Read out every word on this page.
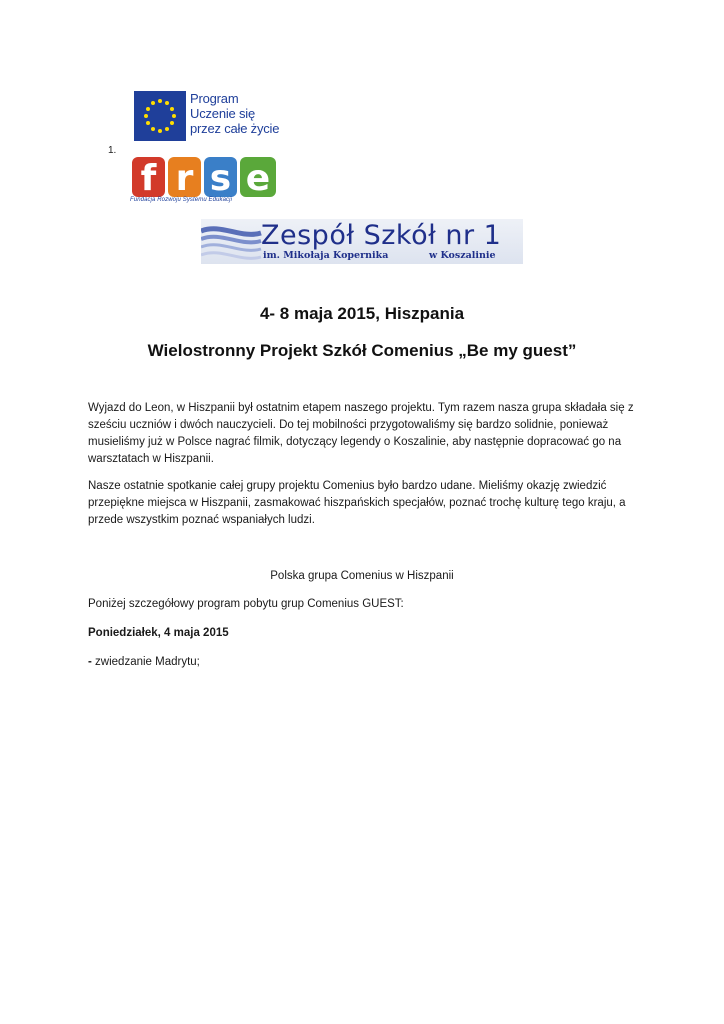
Program
Uczenie się
przez całe życie
1.
f r s e
Fundacja Rozwoju Systemu Edukacji
Zespół Szkół nr 1
im. Mikołaja Kopernika	w Koszalinie
4- 8 maja 2015, Hiszpania
Wielostronny Projekt Szkół Comenius „Be my guest”
Wyjazd do Leon, w Hiszpanii był ostatnim etapem naszego projektu. Tym razem nasza grupa składała się z sześciu uczniów i dwóch nauczycieli. Do tej mobilności przygotowaliśmy się bardzo solidnie, ponieważ musieliśmy już w Polsce nagrać filmik, dotyczący legendy o Koszalinie, aby następnie dopracować go na warsztatach w Hiszpanii.
Nasze ostatnie spotkanie całej grupy projektu Comenius było bardzo udane. Mieliśmy okazję zwiedzić przepiękne miejsca w Hiszpanii, zasmakować hiszpańskich specjałów, poznać trochę kulturę tego kraju, a przede wszystkim poznać wspaniałych ludzi.
Polska grupa Comenius w Hiszpanii
Poniżej szczegółowy program pobytu grup Comenius GUEST:
Poniedziałek, 4 maja 2015
- zwiedzanie Madrytu;
